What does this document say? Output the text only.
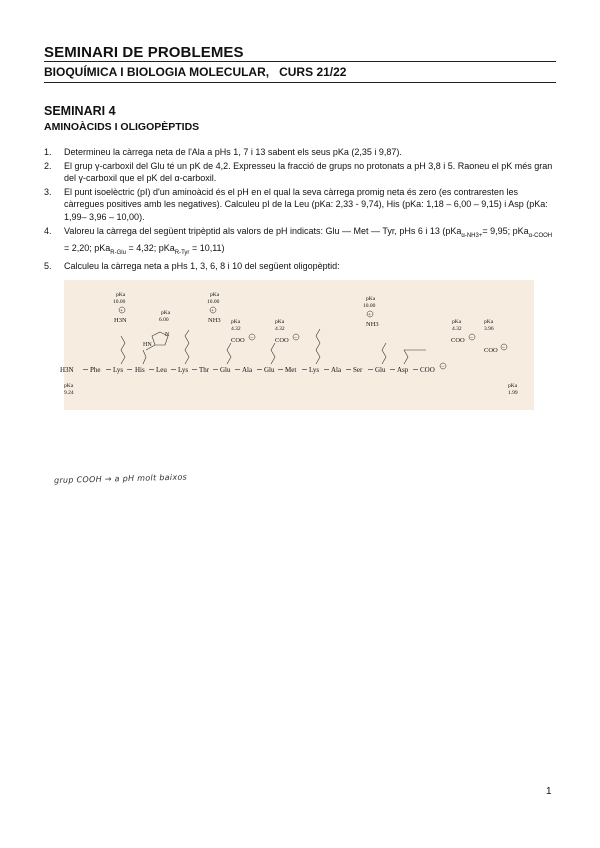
SEMINARI DE PROBLEMES
BIOQUÍMICA I BIOLOGIA MOLECULAR,   CURS 21/22
SEMINARI 4
AMINOÀCIDS I OLIGOPÈPTIDS
1. Determineu la càrrega neta de l'Ala a pHs 1, 7 i 13 sabent els seus pKa (2,35 i 9,87).
2. El grup γ-carboxil del Glu té un pK de 4,2. Expresseu la fracció de grups no protonats a pH 3,8 i 5. Raoneu el pK més gran del γ-carboxil que el pK del α-carboxil.
3. El punt isoelèctric (pI) d'un aminoàcid és el pH en el qual la seva càrrega promig neta és zero (es contraresten les càrregues positives amb les negatives). Calculeu pI de la Leu (pKa: 2,33 - 9,74), His (pKa: 1,18 – 6,00 – 9,15) i Asp (pKa: 1,99– 3,96 – 10,00).
4. Valoreu la càrrega del següent tripèptid als valors de pH indicats: Glu — Met — Tyr, pHs 6 i 13 (pKa$_{\alpha-NH3+}$= 9,95; pKa$_{\alpha-COOH}$ = 2,20; pKa$_{R-Glu}$ = 4,32; pKa$_{R-Tyr}$ = 10,11)
5. Calculeu la càrrega neta a pHs 1, 3, 6, 8 i 10 del següent oligopèptid:
H3N Phe Lys His Leu Lys Thr Glu Ala Glu Met Lys Ala Ser Glu Asp COO –
pKa
9.24
pKa
1.99
pKa
10.00
+
H3N
pKa
6.00
N
HN
pKa
10.00
+
NH3 pKa
4.32
COO –
pKa
4.32
COO –
pKa
10.00
+
NH3	pKa
4.32
COO –
pKa
3.96
COO –
grup COOH → a pH molt baixos
1
